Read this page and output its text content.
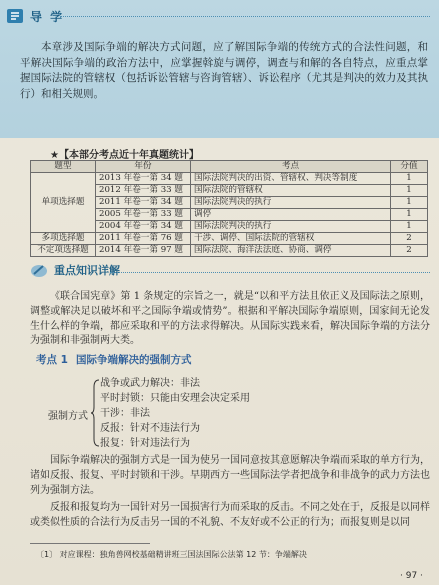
导 学
本章涉及国际争端的解决方式问题，应了解国际争端的传统方式的合法性问题，和平解决国际争端的政治方法中，应掌握斡旋与调停，调查与和解的各自特点，应重点掌握国际法院的管辖权（包括诉讼管辖与咨询管辖）、诉讼程序（尤其是判决的效力及其执行）和相关规则。
★【本部分考点近十年真题统计】
题型	年份	考点	分值
单项选择题	2013 年卷一第 34 题	国际法院判决的出资、管辖权、判决等制度	1
	2012 年卷一第 33 题	国际法院的管辖权	1
	2011 年卷一第 34 题	国际法院判决的执行	1
	2005 年卷一第 33 题	调停	1
	2004 年卷一第 34 题	国际法院判决的执行	1
多项选择题	2011 年卷一第 76 题	干涉、调停、国际法院的管辖权	2
不定项选择题	2014 年卷一第 97 题	国际法院、海洋法法庭、协商、调停	2
重点知识详解
《联合国宪章》第 1 条规定的宗旨之一，就是“以和平方法且依正义及国际法之原则，调整或解决足以破坏和平之国际争端或情势”。根据和平解决国际争端原则，国家间无论发生什么样的争端，都应采取和平的方法求得解决。从国际实践来看，解决国际争端的方法分为强制和非强制两大类。
考点 1 国际争端解决的强制方式
强制方式
战争或武力解决：非法
平时封锁：只能由安理会决定采用
干涉：非法
反报：针对不违法行为
报复：针对违法行为
国际争端解决的强制方式是一国为使另一国同意按其意愿解决争端而采取的单方行为，诸如反报、报复、平时封锁和干涉。早期西方一些国际法学者把战争和非战争的武力方法也列为强制方法。
反报和报复均为一国针对另一国损害行为而采取的反击。不同之处在于，反报是以同样或类似性质的合法行为反击另一国的不礼貌、不友好或不公正的行为；而报复则是以同
〔1〕 对应课程：独角兽网校基础精讲班三国法国际公法第 12 节：争端解决
· 97 ·
